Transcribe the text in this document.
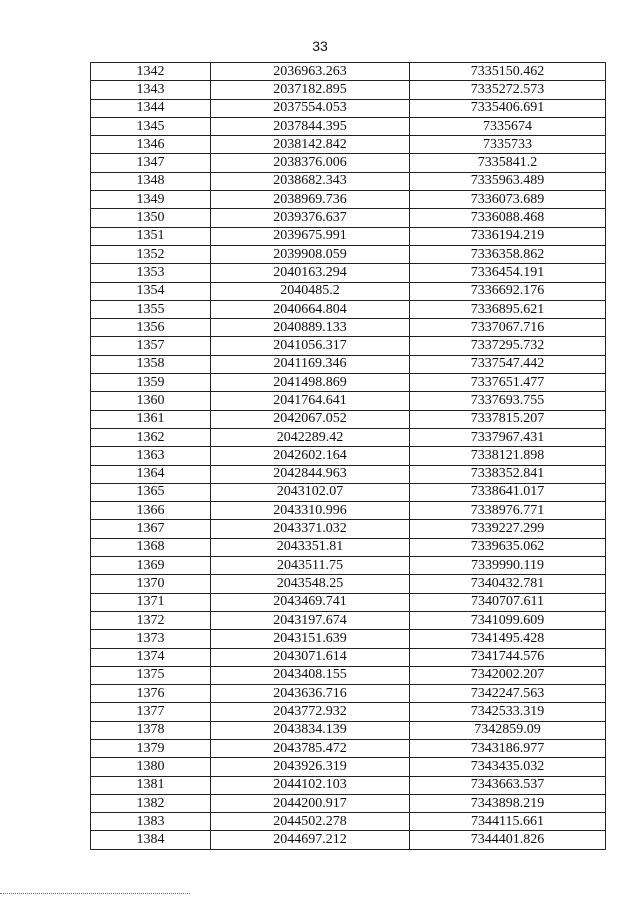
33
1342	2036963.263	7335150.462
1343	2037182.895	7335272.573
1344	2037554.053	7335406.691
1345	2037844.395	7335674
1346	2038142.842	7335733
1347	2038376.006	7335841.2
1348	2038682.343	7335963.489
1349	2038969.736	7336073.689
1350	2039376.637	7336088.468
1351	2039675.991	7336194.219
1352	2039908.059	7336358.862
1353	2040163.294	7336454.191
1354	2040485.2	7336692.176
1355	2040664.804	7336895.621
1356	2040889.133	7337067.716
1357	2041056.317	7337295.732
1358	2041169.346	7337547.442
1359	2041498.869	7337651.477
1360	2041764.641	7337693.755
1361	2042067.052	7337815.207
1362	2042289.42	7337967.431
1363	2042602.164	7338121.898
1364	2042844.963	7338352.841
1365	2043102.07	7338641.017
1366	2043310.996	7338976.771
1367	2043371.032	7339227.299
1368	2043351.81	7339635.062
1369	2043511.75	7339990.119
1370	2043548.25	7340432.781
1371	2043469.741	7340707.611
1372	2043197.674	7341099.609
1373	2043151.639	7341495.428
1374	2043071.614	7341744.576
1375	2043408.155	7342002.207
1376	2043636.716	7342247.563
1377	2043772.932	7342533.319
1378	2043834.139	7342859.09
1379	2043785.472	7343186.977
1380	2043926.319	7343435.032
1381	2044102.103	7343663.537
1382	2044200.917	7343898.219
1383	2044502.278	7344115.661
1384	2044697.212	7344401.826
